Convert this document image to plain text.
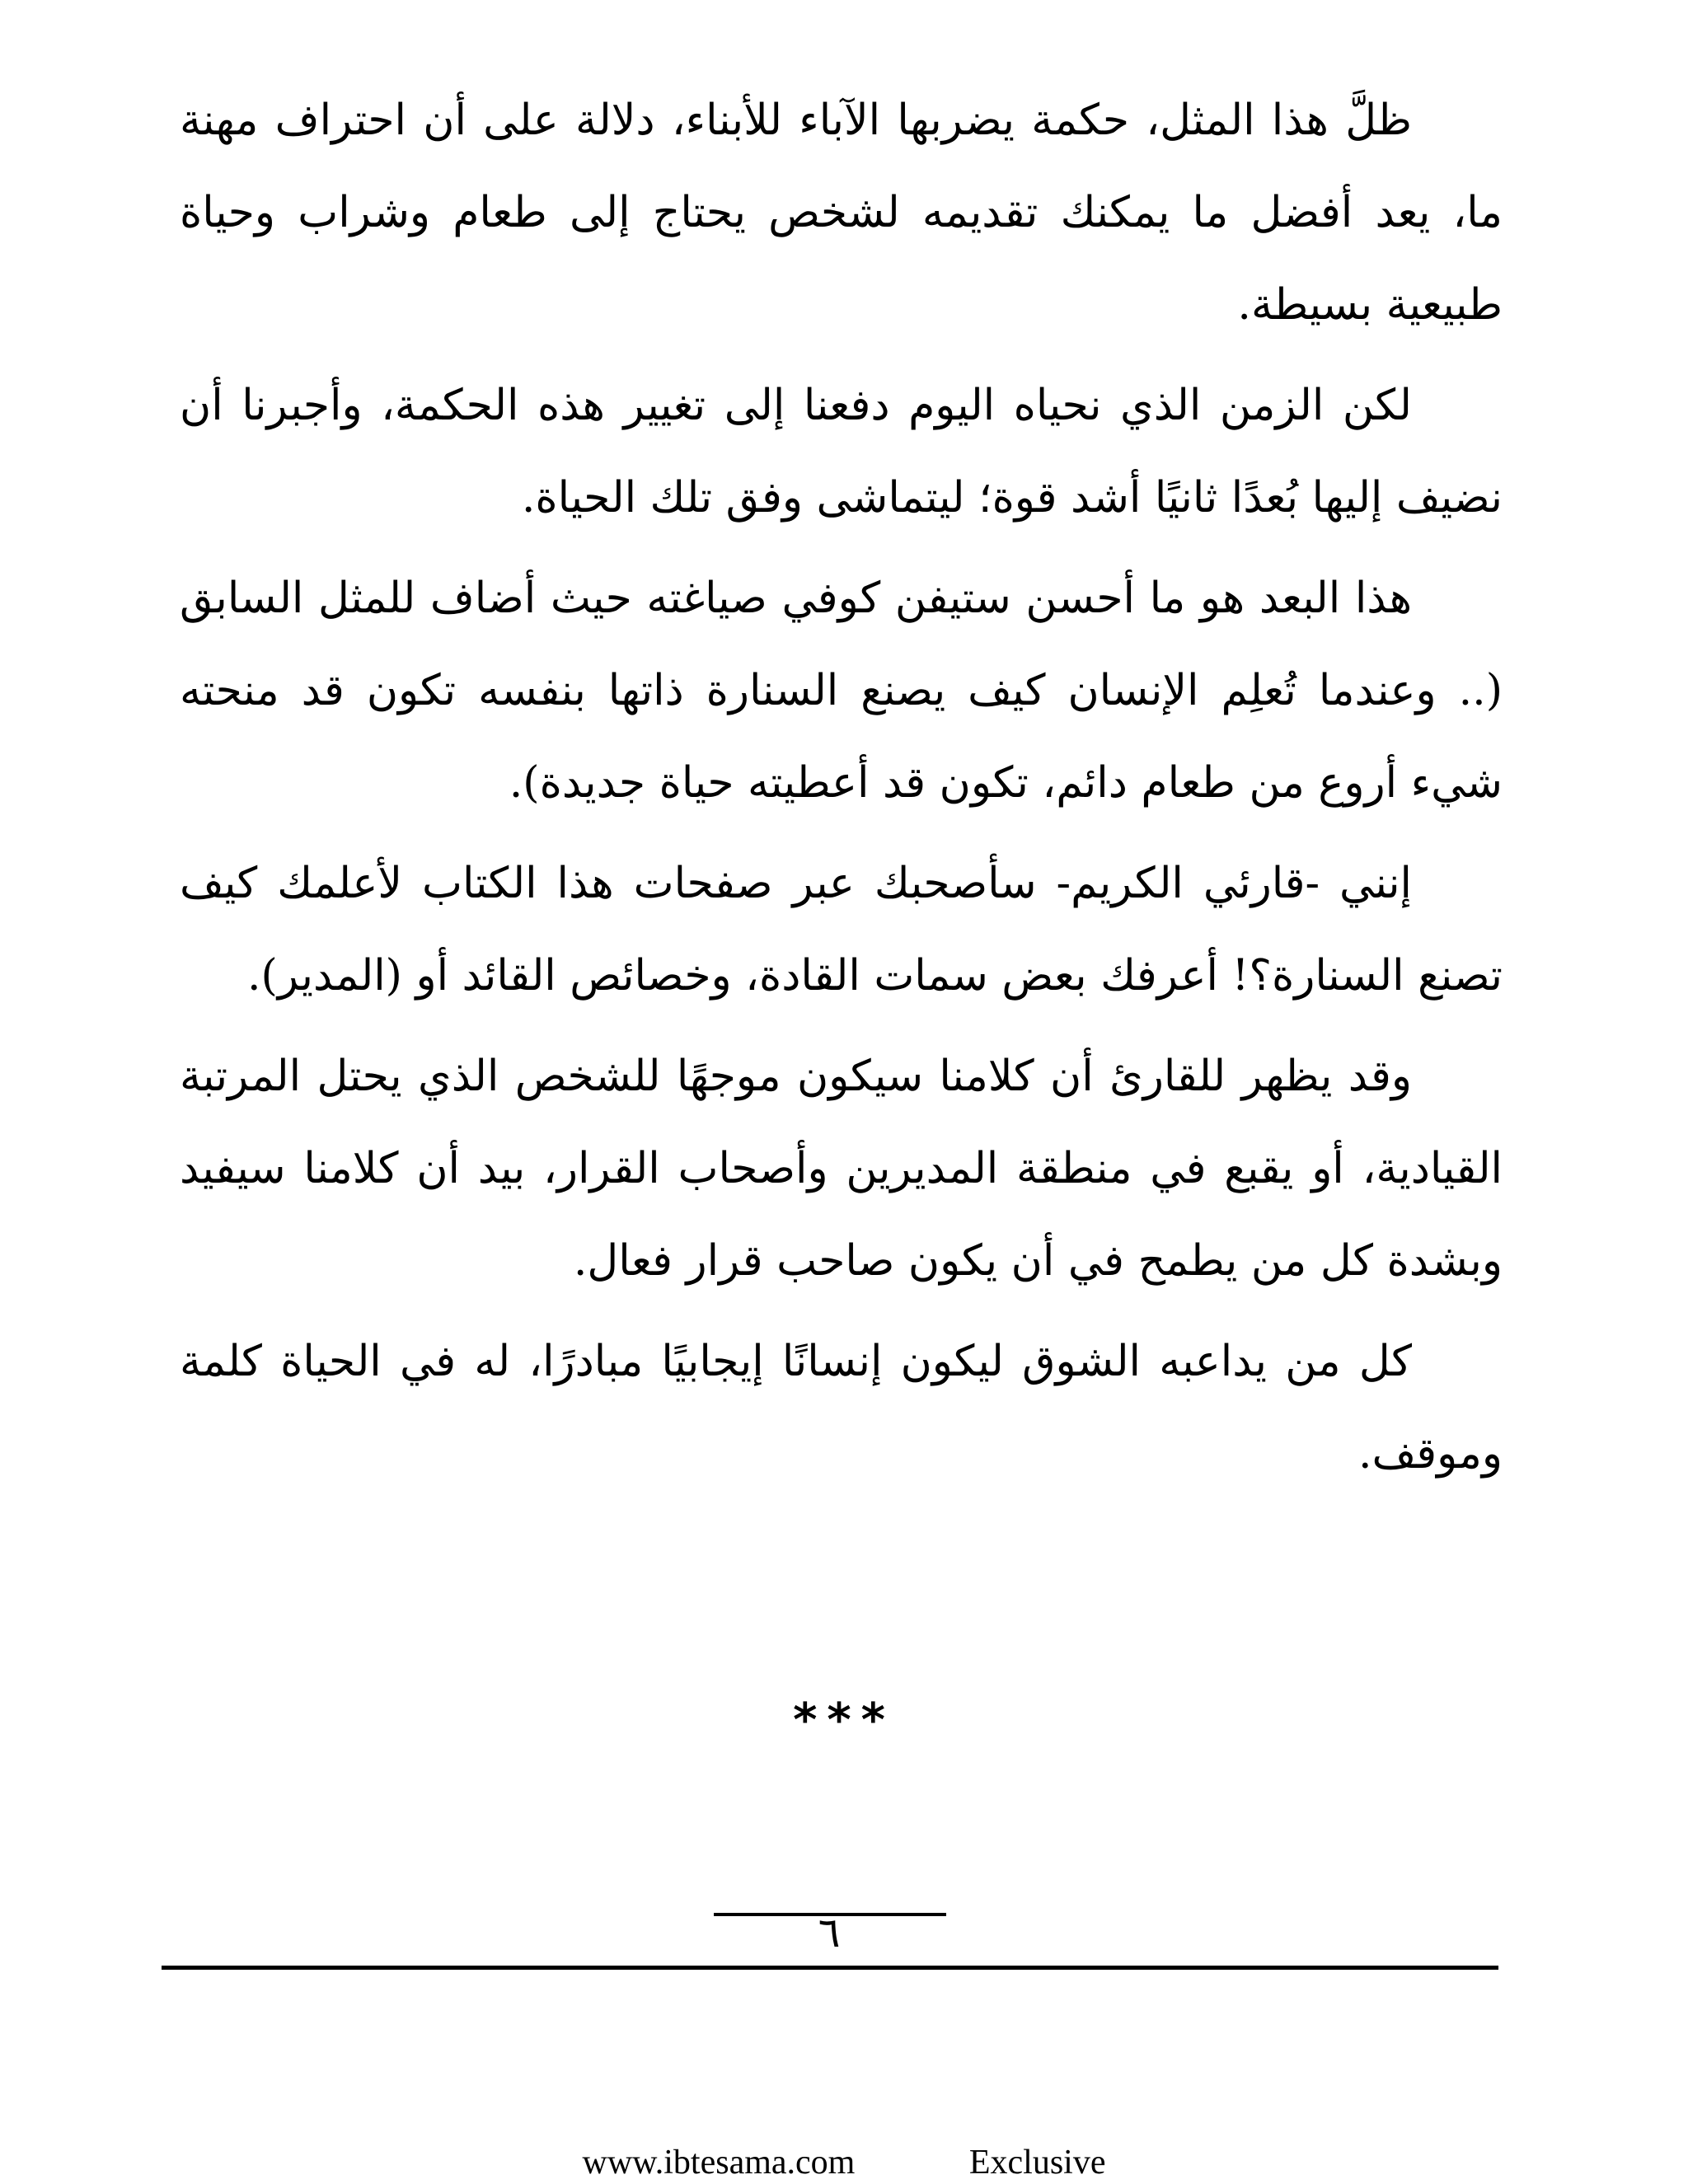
ظلَّ هذا المثل، حكمة يضربها الآباء للأبناء، دلالة على أن احتراف مهنة ما، يعد أفضل ما يمكنك تقديمه لشخص يحتاج إلى طعام وشراب وحياة طبيعية بسيطة.

لكن الزمن الذي نحياه اليوم دفعنا إلى تغيير هذه الحكمة، وأجبرنا أن نضيف إليها بُعدًا ثانيًا أشد قوة؛ ليتماشى وفق تلك الحياة.

هذا البعد هو ما أحسن ستيفن كوفي صياغته حيث أضاف للمثل السابق (.. وعندما تُعلِم الإنسان كيف يصنع السنارة ذاتها بنفسه تكون قد منحته شيء أروع من طعام دائم، تكون قد أعطيته حياة جديدة).

إنني -قارئي الكريم- سأصحبك عبر صفحات هذا الكتاب لأعلمك كيف تصنع السنارة؟! أعرفك بعض سمات القادة، وخصائص القائد أو (المدير).

وقد يظهر للقارئ أن كلامنا سيكون موجهًا للشخص الذي يحتل المرتبة القيادية، أو يقبع في منطقة المديرين وأصحاب القرار، بيد أن كلامنا سيفيد وبشدة كل من يطمح في أن يكون صاحب قرار فعال.

كل من يداعبه الشوق ليكون إنسانًا إيجابيًا مبادرًا، له في الحياة كلمة وموقف.

***
٦
www.ibtesama.com	Exclusive
